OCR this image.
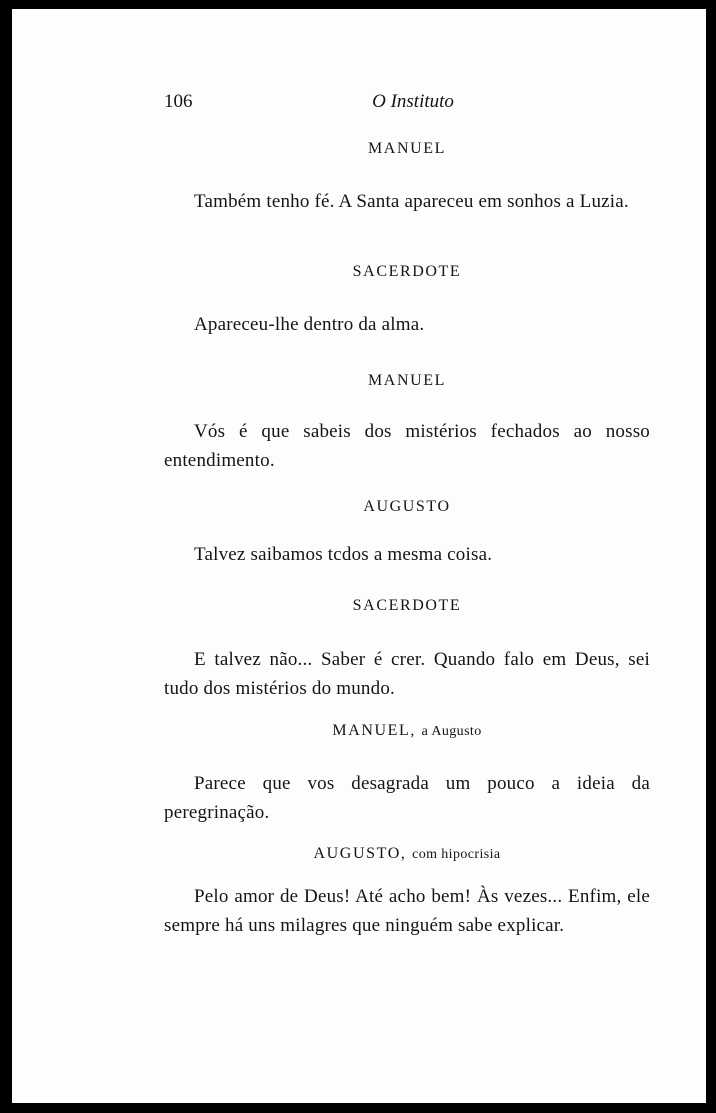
106	O Instituto
MANUEL

Também tenho fé. A Santa apareceu em sonhos a Luzia.

SACERDOTE

Apareceu-lhe dentro da alma.

MANUEL

Vós é que sabeis dos mistérios fechados ao nosso entendimento.

AUGUSTO

Talvez saibamos tcdos a mesma coisa.

SACERDOTE

E talvez não... Saber é crer. Quando falo em Deus, sei tudo dos mistérios do mundo.

MANUEL, a Augusto

Parece que vos desagrada um pouco a ideia da peregrinação.

AUGUSTO, com hipocrisia

Pelo amor de Deus! Até acho bem! Às vezes... Enfim, ele sempre há uns milagres que ninguém sabe explicar.
